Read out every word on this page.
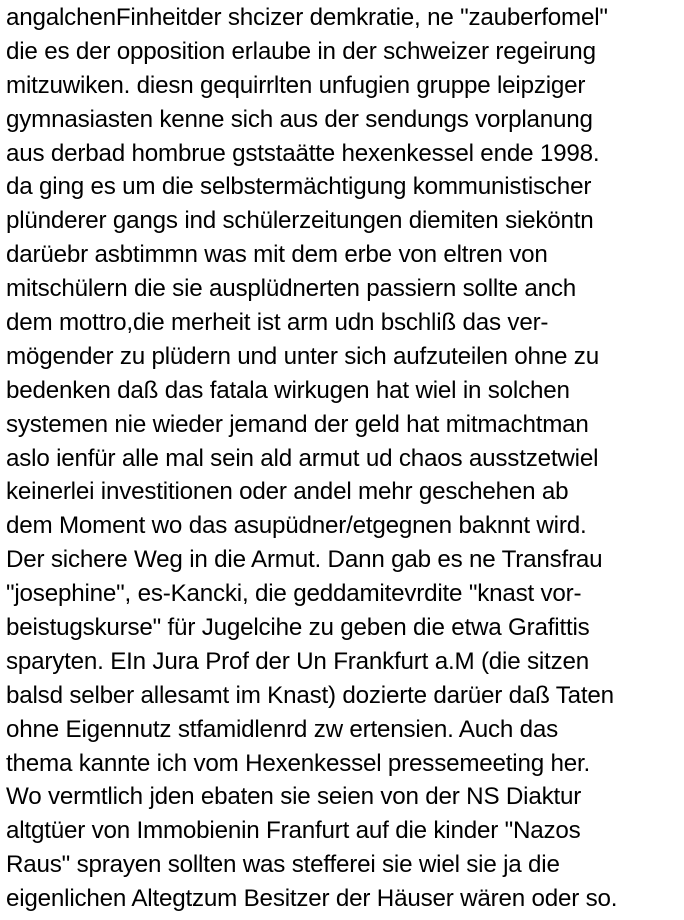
angalchenFinheitder shcizer demkratie, ne "zauberfomel"
die es der opposition erlaube in der schweizer regeirung
mitzuwiken. diesn gequirrlten unfugien gruppe leipziger
gymnasiasten kenne sich aus der sendungs vorplanung
aus derbad hombrue gststaätte hexenkessel ende 1998.
da ging es um die selbstermächtigung kommunistischer
plünderer gangs ind schülerzeitungen diemiten sieköntn
darüebr asbtimmn was mit dem erbe von eltren von
mitschülern die sie ausplüdnerten passiern sollte anch
dem mottro,die merheit ist arm udn bschliß das ver-
mögender zu plüdern und unter sich aufzuteilen ohne zu
bedenken daß das fatala wirkugen hat wiel in solchen
systemen nie wieder jemand der geld hat mitmachtman
aslo ienfür alle mal sein ald armut ud chaos ausstzetwiel
keinerlei investitionen oder andel mehr geschehen ab
dem Moment wo das asupüdner/etgegnen baknnt wird.
Der sichere Weg in die Armut. Dann gab es ne Transfrau
"josephine", es-Kancki, die geddamitevrdite "knast vor-
beistugskurse" für Jugelcihe zu geben die etwa Grafittis
sparyten. EIn Jura Prof der Un Frankfurt a.M (die sitzen
balsd selber allesamt im Knast) dozierte darüer daß Taten
ohne Eigennutz stfamidlenrd zw ertensien. Auch das
thema kannte ich vom Hexenkessel pressemeeting her.
Wo vermtlich jden ebaten sie seien von der NS Diaktur
altgtüer von Immobienin Franfurt auf die kinder "Nazos
Raus" sprayen sollten was stefferei sie wiel sie ja die
eigenlichen Altegtzum Besitzer der Häuser wären oder so.
